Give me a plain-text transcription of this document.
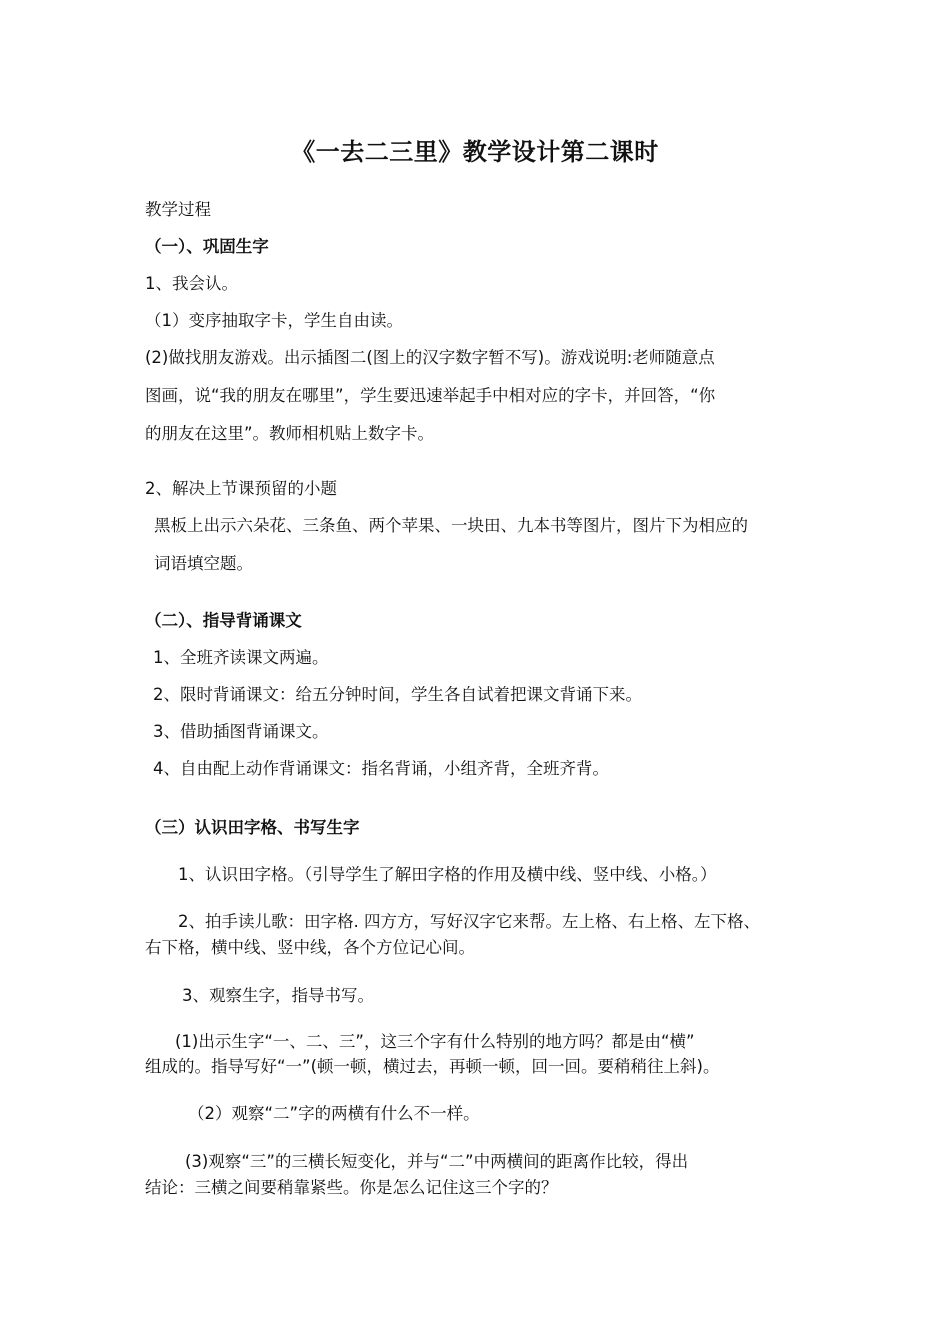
《一去二三里》教学设计第二课时
教学过程
（一）、巩固生字
1、我会认。
（1）变序抽取字卡，学生自由读。
(2)做找朋友游戏。出示插图二(图上的汉字数字暂不写)。游戏说明:老师随意点
图画，说“我的朋友在哪里”，学生要迅速举起手中相对应的字卡，并回答，“你
的朋友在这里”。教师相机贴上数字卡。
2、解决上节课预留的小题
黑板上出示六朵花、三条鱼、两个苹果、一块田、九本书等图片，图片下为相应的
词语填空题。
（二）、指导背诵课文
1、全班齐读课文两遍。
2、限时背诵课文：给五分钟时间，学生各自试着把课文背诵下来。
3、借助插图背诵课文。
4、自由配上动作背诵课文：指名背诵，小组齐背，全班齐背。
（三）认识田字格、书写生字
1、认识田字格。（引导学生了解田字格的作用及横中线、竖中线、小格。）
2、拍手读儿歌：田字格. 四方方，写好汉字它来帮。左上格、右上格、左下格、
右下格，横中线、竖中线，各个方位记心间。
3、观察生字，指导书写。
(1)出示生字“一、二、三”，这三个字有什么特别的地方吗？都是由“横”
组成的。指导写好“一”(顿一顿，横过去，再顿一顿，回一回。要稍稍往上斜)。
（2）观察“二”字的两横有什么不一样。
(3)观察“三”的三横长短变化，并与“二”中两横间的距离作比较，得出
结论：三横之间要稍靠紧些。你是怎么记住这三个字的？
